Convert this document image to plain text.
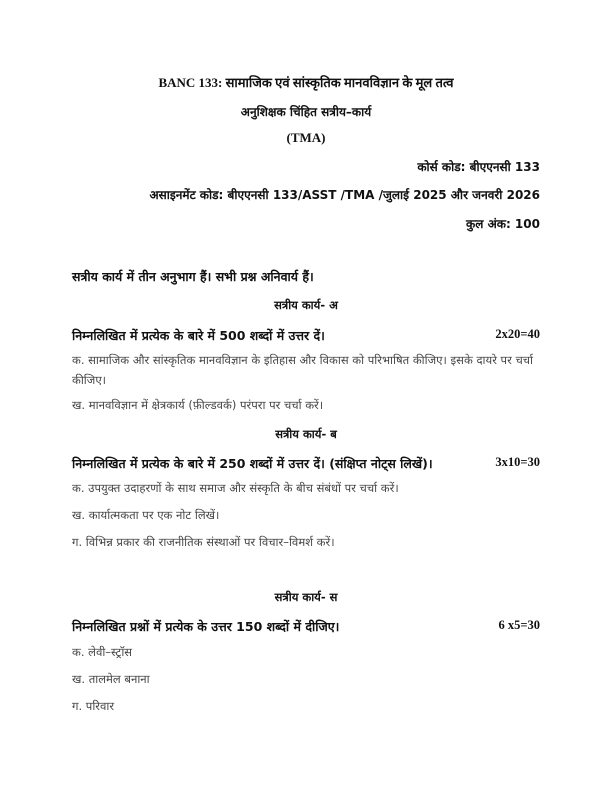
BANC 133: सामाजिक एवं सांस्कृतिक मानवविज्ञान के मूल तत्व
अनुशिक्षक चिंहित सत्रीय–कार्य
(TMA)
कोर्स कोड: बीएएनसी 133
असाइनमेंट कोड: बीएएनसी 133/ASST /TMA /जुलाई 2025 और जनवरी 2026
कुल अंक: 100
सत्रीय कार्य में तीन अनुभाग हैं। सभी प्रश्न अनिवार्य हैं।
सत्रीय कार्य- अ
निम्नलिखित में प्रत्येक के बारे में 500 शब्दों में उत्तर दें।	2x20=40
क. सामाजिक और सांस्कृतिक मानवविज्ञान के इतिहास और विकास को परिभाषित कीजिए। इसके दायरे पर चर्चा कीजिए।
ख. मानवविज्ञान में क्षेत्रकार्य (फ़ील्डवर्क) परंपरा पर चर्चा करें।
सत्रीय कार्य- ब
निम्नलिखित में प्रत्येक के बारे में 250 शब्दों में उत्तर दें। (संक्षिप्त नोट्स लिखें)।	3x10=30
क. उपयुक्त उदाहरणों के साथ समाज और संस्कृति के बीच संबंधों पर चर्चा करें।
ख. कार्यात्मकता पर एक नोट लिखें।
ग. विभिन्न प्रकार की राजनीतिक संस्थाओं पर विचार–विमर्श करें।
सत्रीय कार्य- स
निम्नलिखित प्रश्नों में प्रत्येक के उत्तर 150 शब्दों में दीजिए।	6 x5=30
क. लेवी–स्ट्रॉस
ख. तालमेल बनाना
ग. परिवार
